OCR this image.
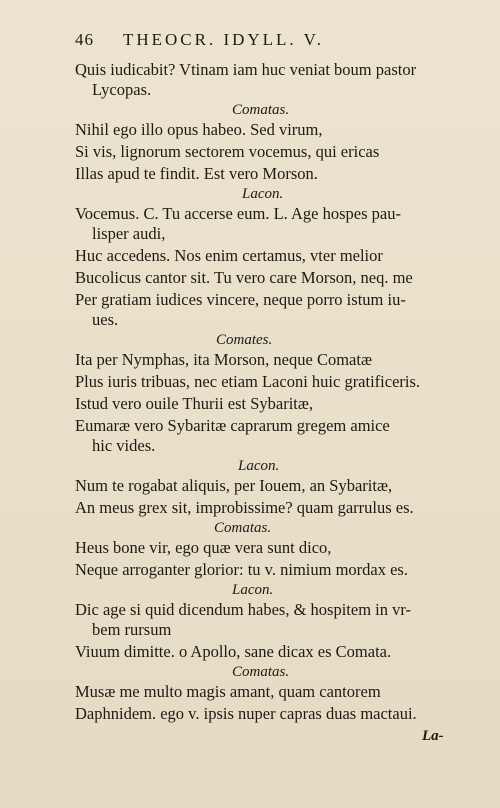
46 THEOCR. IDYLL. V.
Quis iudicabit? Vtinam iam huc veniat boum pastor
Lycopas.
Comatas.
Nihil ego illo opus habeo. Sed virum,
Si vis, lignorum sectorem vocemus, qui ericas
Illas apud te findit. Est vero Morson.
Lacon.
Vocemus. C. Tu accerse eum. L. Age hospes pau-
lisper audi,
Huc accedens. Nos enim certamus, vter melior
Bucolicus cantor sit. Tu vero care Morson, neq. me
Per gratiam iudices vincere, neque porro istum iu-
ues.
Comates.
Ita per Nymphas, ita Morson, neque Comatæ
Plus iuris tribuas, nec etiam Laconi huic gratificeris.
Istud vero ouile Thurii est Sybaritæ,
Eumaræ vero Sybaritæ caprarum gregem amice
hic vides.
Lacon.
Num te rogabat aliquis, per Iouem, an Sybaritæ,
An meus grex sit, improbissime? quam garrulus es.
Comatas.
Heus bone vir, ego quæ vera sunt dico,
Neque arroganter glorior: tu v. nimium mordax es.
Lacon.
Dic age si quid dicendum habes, & hospitem in vr-
bem rursum
Viuum dimitte. o Apollo, sane dicax es Comata.
Comatas.
Musæ me multo magis amant, quam cantorem
Daphnidem. ego v. ipsis nuper capras duas mactaui.
La-
